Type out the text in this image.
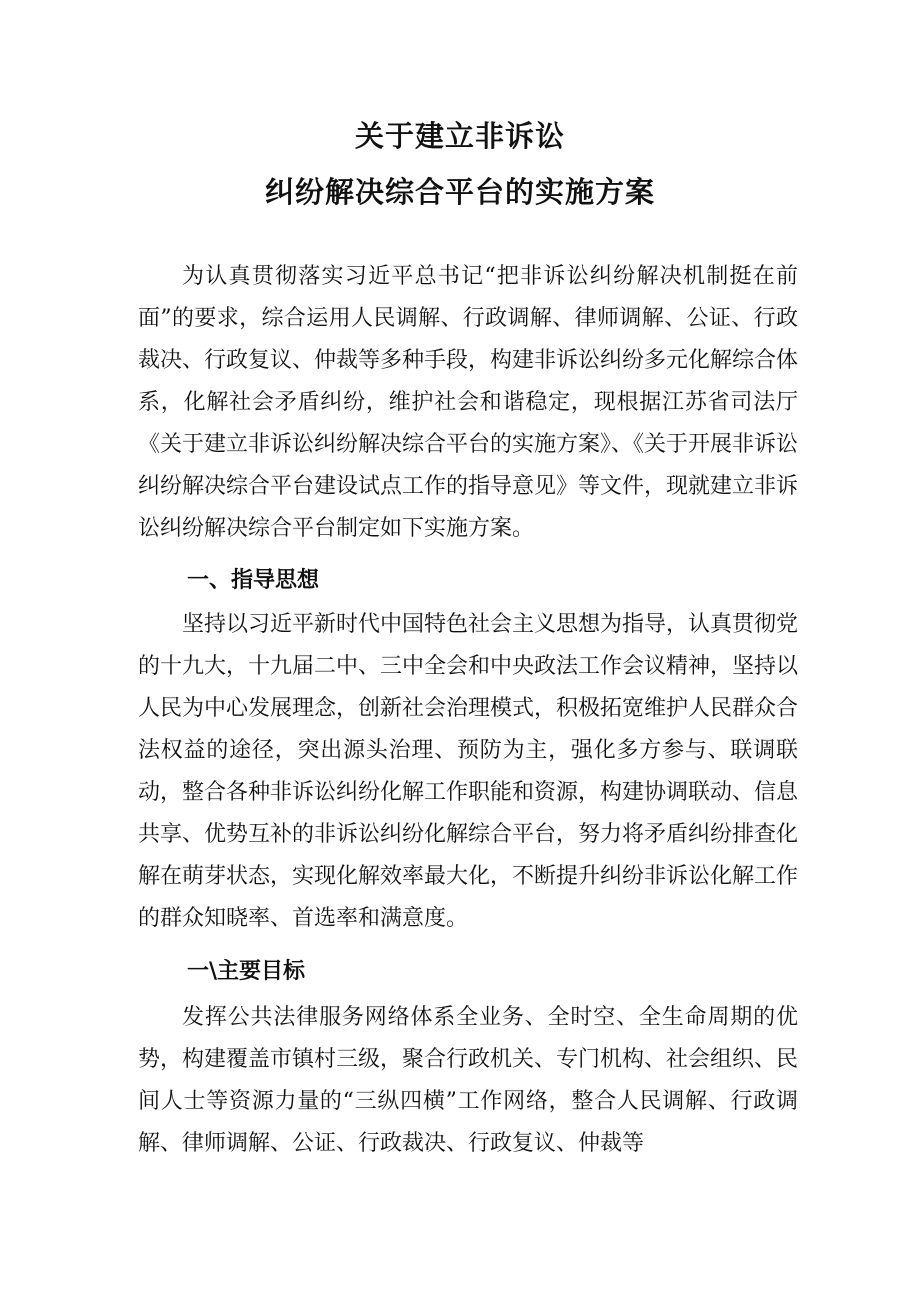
关于建立非诉讼
纠纷解决综合平台的实施方案

为认真贯彻落实习近平总书记“把非诉讼纠纷解决机制挺在前面”的要求，综合运用人民调解、行政调解、律师调解、公证、行政裁决、行政复议、仲裁等多种手段，构建非诉讼纠纷多元化解综合体系，化解社会矛盾纠纷，维护社会和谐稳定，现根据江苏省司法厅《关于建立非诉讼纠纷解决综合平台的实施方案》、《关于开展非诉讼纠纷解决综合平台建设试点工作的指导意见》等文件，现就建立非诉讼纠纷解决综合平台制定如下实施方案。

一、指导思想

坚持以习近平新时代中国特色社会主义思想为指导，认真贯彻党的十九大，十九届二中、三中全会和中央政法工作会议精神，坚持以人民为中心发展理念，创新社会治理模式，积极拓宽维护人民群众合法权益的途径，突出源头治理、预防为主，强化多方参与、联调联动，整合各种非诉讼纠纷化解工作职能和资源，构建协调联动、信息共享、优势互补的非诉讼纠纷化解综合平台，努力将矛盾纠纷排查化解在萌芽状态，实现化解效率最大化，不断提升纠纷非诉讼化解工作的群众知晓率、首选率和满意度。

一\主要目标

发挥公共法律服务网络体系全业务、全时空、全生命周期的优势，构建覆盖市镇村三级，聚合行政机关、专门机构、社会组织、民间人士等资源力量的“三纵四横”工作网络，整合人民调解、行政调解、律师调解、公证、行政裁决、行政复议、仲裁等
